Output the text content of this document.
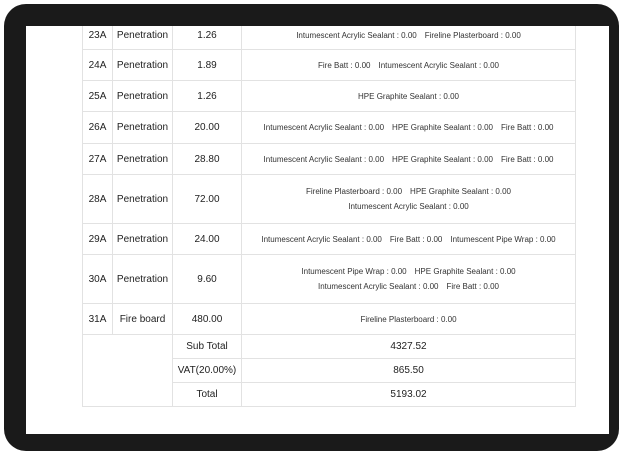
23A	Penetration	1.26	Intumescent Acrylic Sealant : 0.00 Fireline Plasterboard : 0.00

24A	Penetration	1.89	Fire Batt : 0.00 Intumescent Acrylic Sealant : 0.00

25A	Penetration	1.26	HPE Graphite Sealant : 0.00

26A	Penetration	20.00	Intumescent Acrylic Sealant : 0.00 HPE Graphite Sealant : 0.00 Fire Batt : 0.00

27A	Penetration	28.80	Intumescent Acrylic Sealant : 0.00 HPE Graphite Sealant : 0.00 Fire Batt : 0.00

28A	Penetration	72.00	Fireline Plasterboard : 0.00 HPE Graphite Sealant : 0.00
Intumescent Acrylic Sealant : 0.00

29A	Penetration	24.00	Intumescent Acrylic Sealant : 0.00 Fire Batt : 0.00 Intumescent Pipe Wrap : 0.00

30A	Penetration	9.60	Intumescent Pipe Wrap : 0.00 HPE Graphite Sealant : 0.00
Intumescent Acrylic Sealant : 0.00 Fire Batt : 0.00

31A	Fire board	480.00	Fireline Plasterboard : 0.00

		Sub Total	4327.52
		VAT(20.00%)	865.50
		Total	5193.02
